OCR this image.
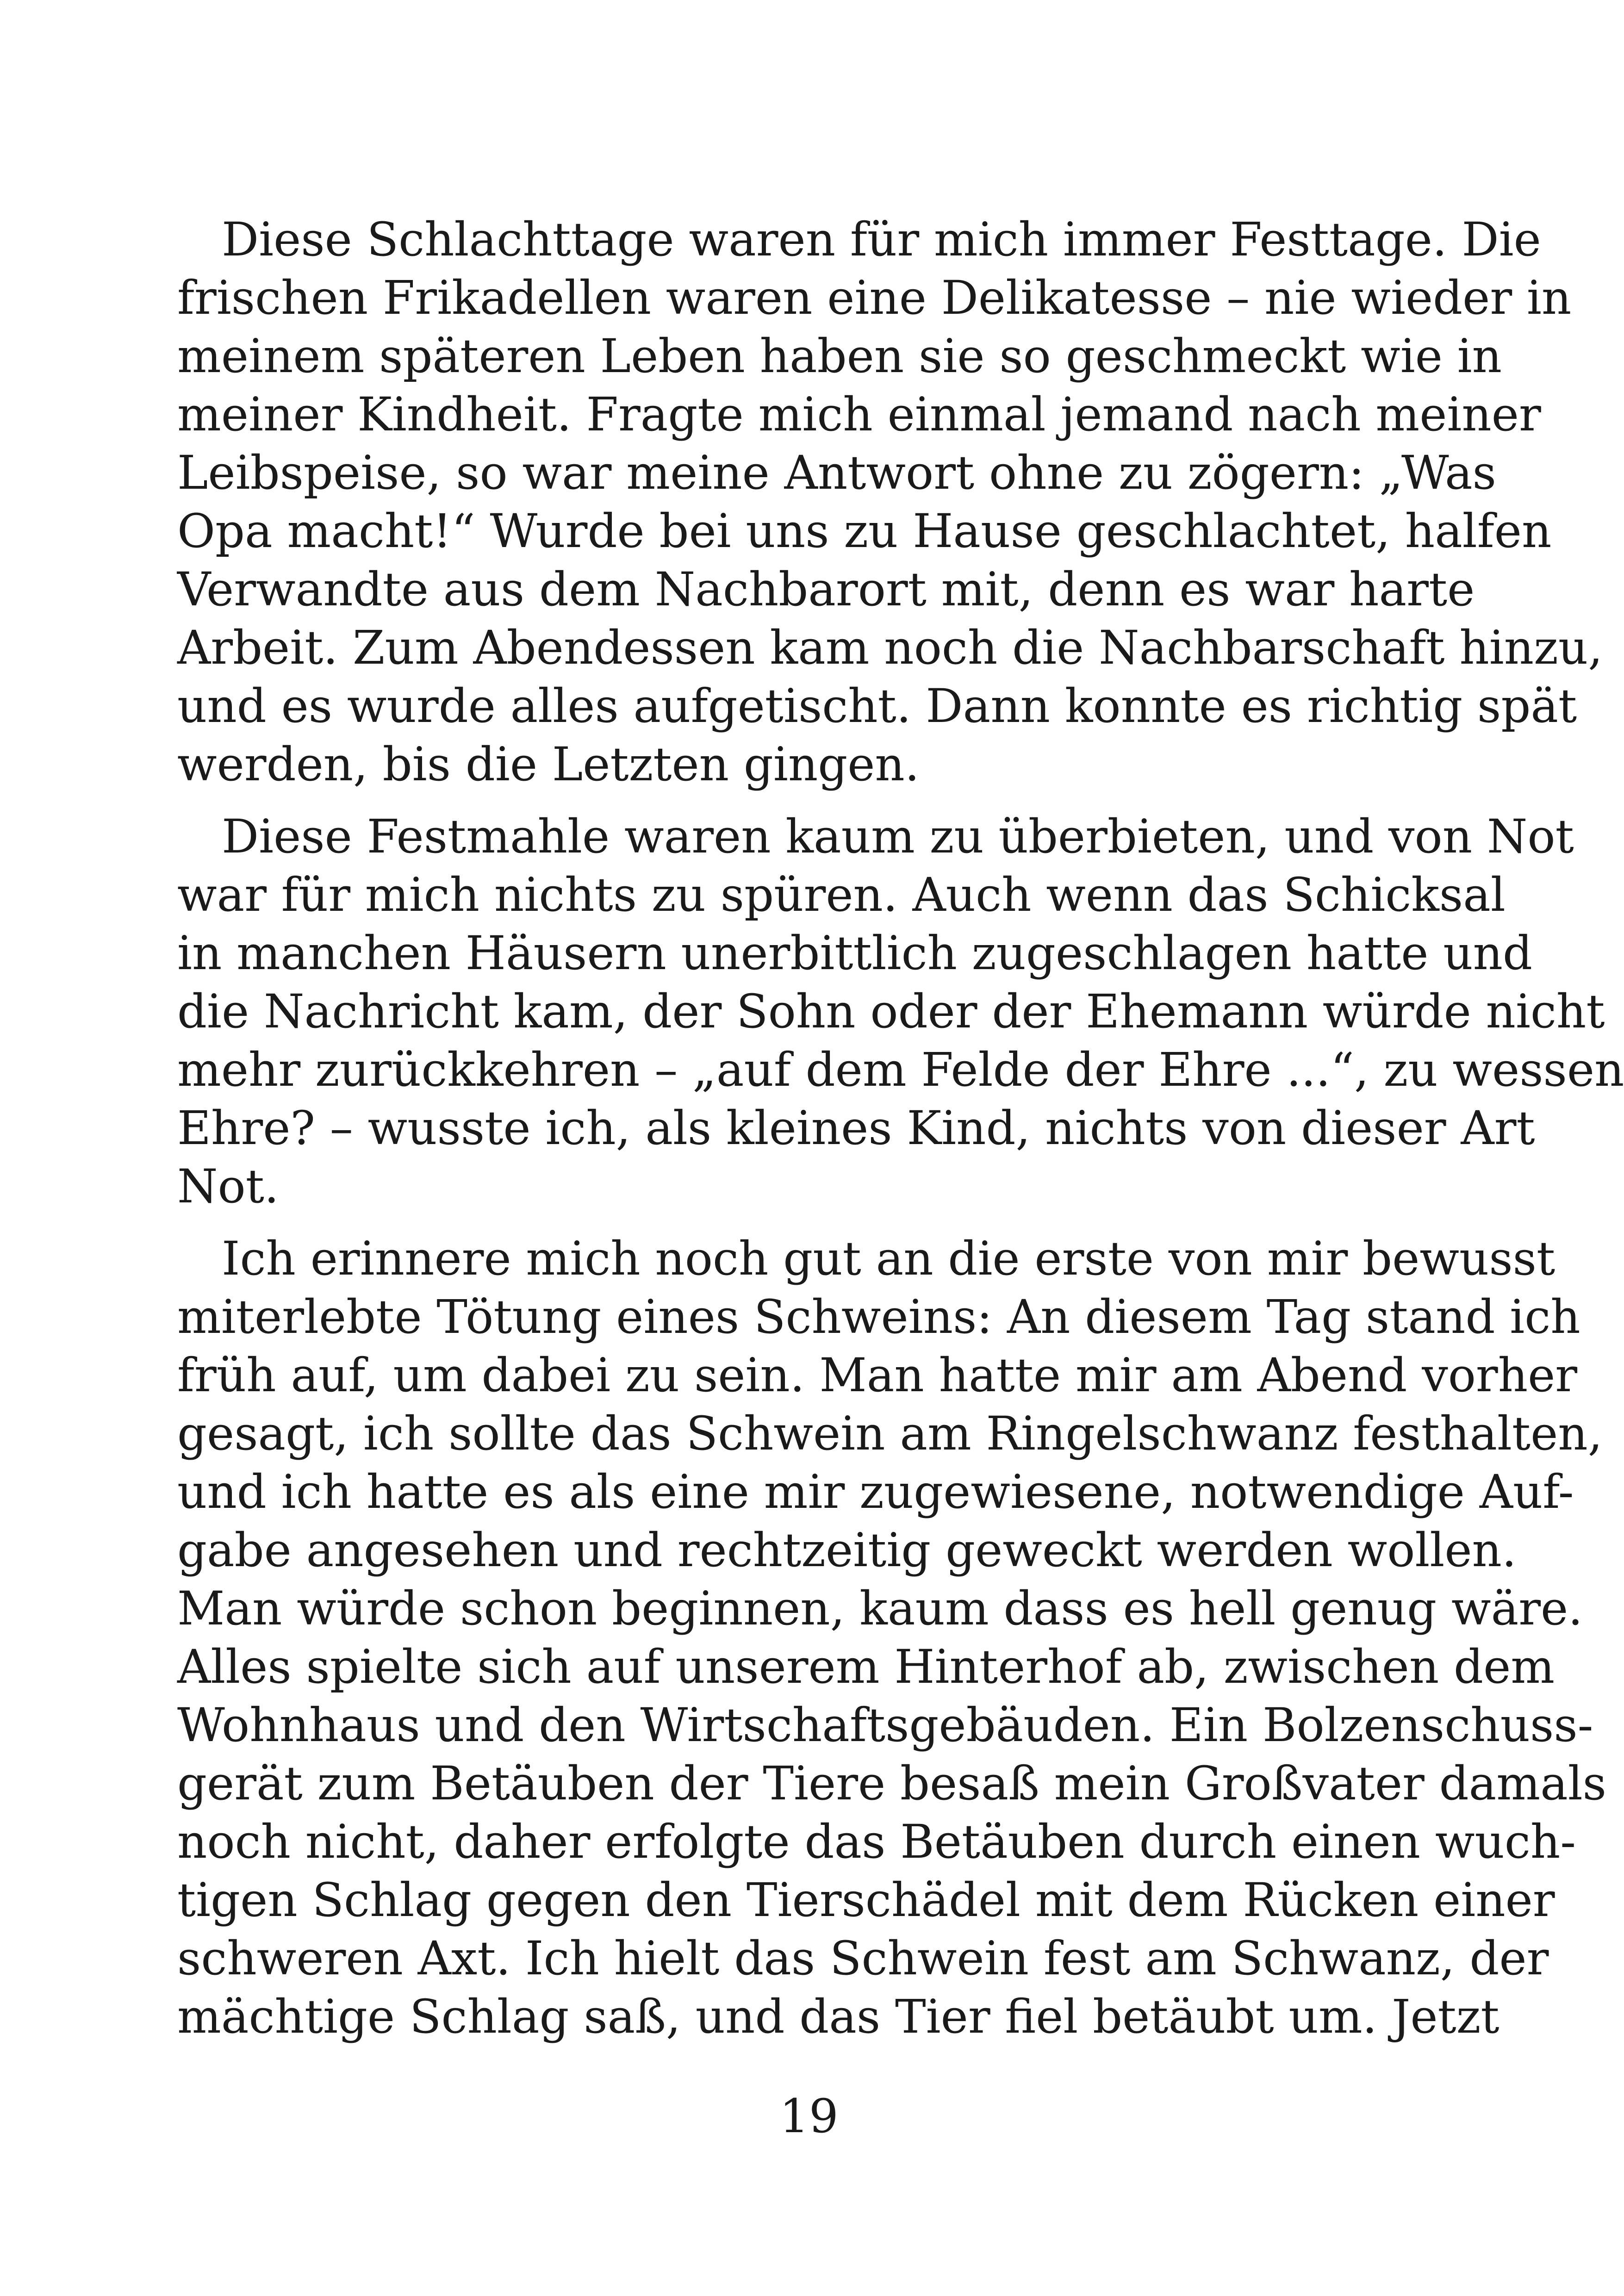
Diese Schlachttage waren für mich immer Festtage. Die
frischen Frikadellen waren eine Delikatesse – nie wieder in
meinem späteren Leben haben sie so geschmeckt wie in
meiner Kindheit. Fragte mich einmal jemand nach meiner
Leibspeise, so war meine Antwort ohne zu zögern: „Was
Opa macht!“ Wurde bei uns zu Hause geschlachtet, halfen
Verwandte aus dem Nachbarort mit, denn es war harte
Arbeit. Zum Abendessen kam noch die Nachbarschaft hinzu,
und es wurde alles aufgetischt. Dann konnte es richtig spät
werden, bis die Letzten gingen.
Diese Festmahle waren kaum zu überbieten, und von Not
war für mich nichts zu spüren. Auch wenn das Schicksal
in manchen Häusern unerbittlich zugeschlagen hatte und
die Nachricht kam, der Sohn oder der Ehemann würde nicht
mehr zurückkehren – „auf dem Felde der Ehre ...“, zu wessen
Ehre? – wusste ich, als kleines Kind, nichts von dieser Art
Not.
Ich erinnere mich noch gut an die erste von mir bewusst
miterlebte Tötung eines Schweins: An diesem Tag stand ich
früh auf, um dabei zu sein. Man hatte mir am Abend vorher
gesagt, ich sollte das Schwein am Ringelschwanz festhalten,
und ich hatte es als eine mir zugewiesene, notwendige Auf-
gabe angesehen und rechtzeitig geweckt werden wollen.
Man würde schon beginnen, kaum dass es hell genug wäre.
Alles spielte sich auf unserem Hinterhof ab, zwischen dem
Wohnhaus und den Wirtschaftsgebäuden. Ein Bolzenschuss-
gerät zum Betäuben der Tiere besaß mein Großvater damals
noch nicht, daher erfolgte das Betäuben durch einen wuch-
tigen Schlag gegen den Tierschädel mit dem Rücken einer
schweren Axt. Ich hielt das Schwein fest am Schwanz, der
mächtige Schlag saß, und das Tier fiel betäubt um. Jetzt
19
